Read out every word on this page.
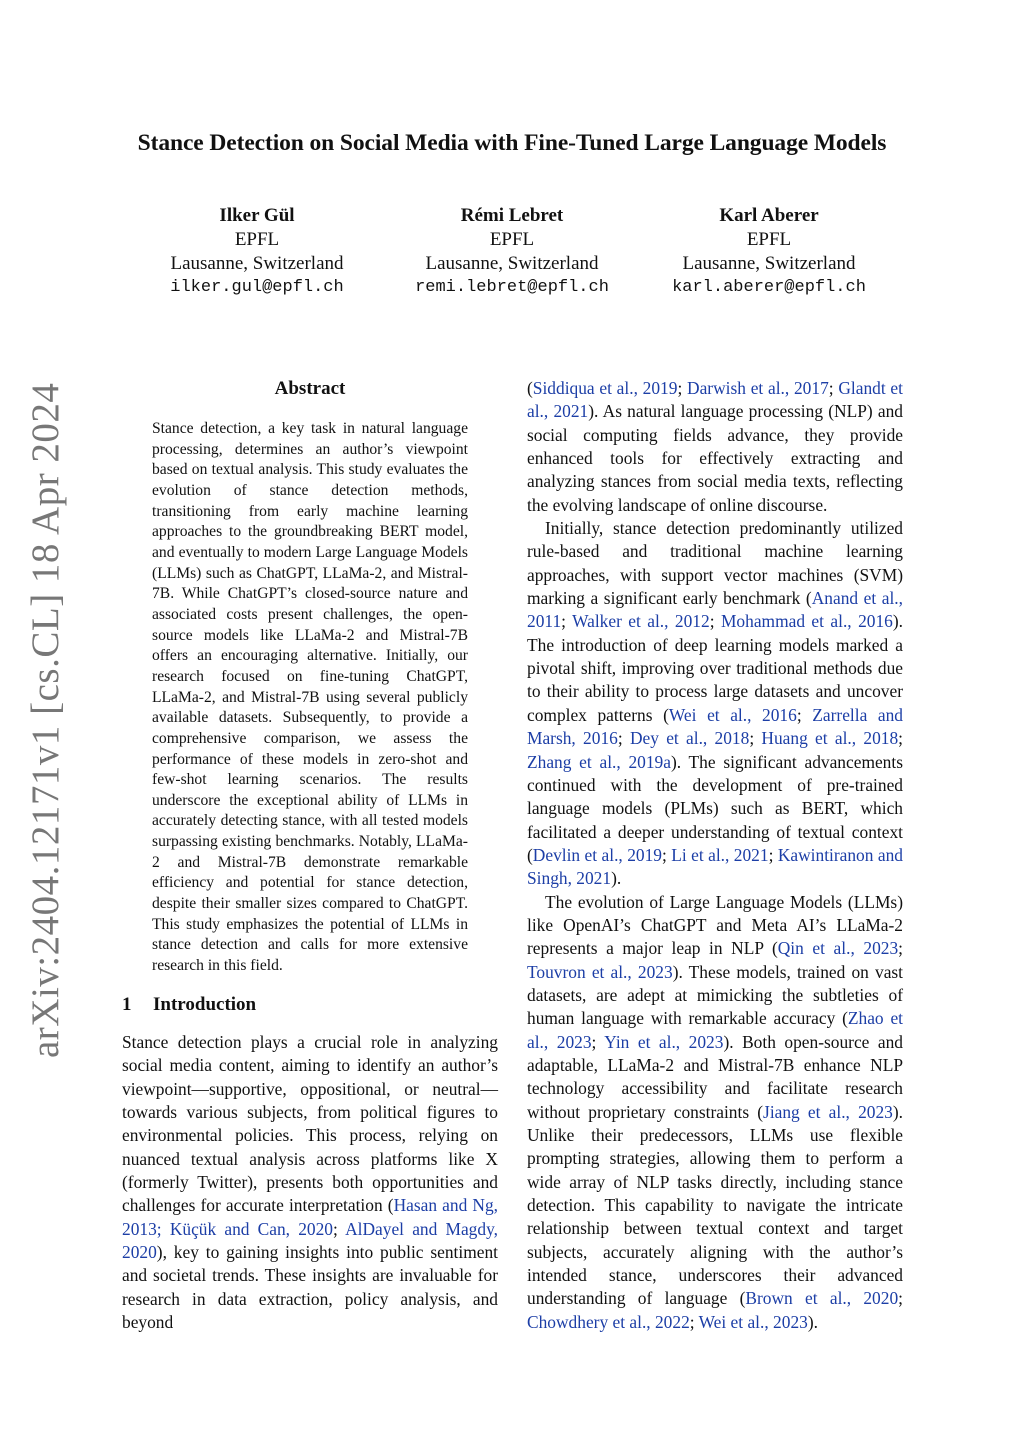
Stance Detection on Social Media with Fine-Tuned Large Language Models
Ilker Gül
EPFL
Lausanne, Switzerland
ilker.gul@epfl.ch
Rémi Lebret
EPFL
Lausanne, Switzerland
remi.lebret@epfl.ch
Karl Aberer
EPFL
Lausanne, Switzerland
karl.aberer@epfl.ch
arXiv:2404.12171v1 [cs.CL] 18 Apr 2024	Abstract

Stance detection, a key task in natural language processing, determines an author’s viewpoint based on textual analysis. This study evaluates the evolution of stance detection methods, transitioning from early machine learning approaches to the groundbreaking BERT model, and eventually to modern Large Language Models (LLMs) such as ChatGPT, LLaMa-2, and Mistral-7B. While ChatGPT’s closed-source nature and associated costs present challenges, the open-source models like LLaMa-2 and Mistral-7B offers an encouraging alternative. Initially, our research focused on fine-tuning ChatGPT, LLaMa-2, and Mistral-7B using several publicly available datasets. Subsequently, to provide a comprehensive comparison, we assess the performance of these models in zero-shot and few-shot learning scenarios. The results underscore the exceptional ability of LLMs in accurately detecting stance, with all tested models surpassing existing benchmarks. Notably, LLaMa-2 and Mistral-7B demonstrate remarkable efficiency and potential for stance detection, despite their smaller sizes compared to ChatGPT. This study emphasizes the potential of LLMs in stance detection and calls for more extensive research in this field.

1 Introduction

Stance detection plays a crucial role in analyzing social media content, aiming to identify an author’s viewpoint—supportive, oppositional, or neutral—towards various subjects, from political figures to environmental policies. This process, relying on nuanced textual analysis across platforms like X (formerly Twitter), presents both opportunities and challenges for accurate interpretation (Hasan and Ng, 2013; Küçük and Can, 2020; AlDayel and Magdy, 2020), key to gaining insights into public sentiment and societal trends. These insights are invaluable for research in data extraction, policy analysis, and beyond

(Siddiqua et al., 2019; Darwish et al., 2017; Glandt et al., 2021). As natural language processing (NLP) and social computing fields advance, they provide enhanced tools for effectively extracting and analyzing stances from social media texts, reflecting the evolving landscape of online discourse.

Initially, stance detection predominantly utilized rule-based and traditional machine learning approaches, with support vector machines (SVM) marking a significant early benchmark (Anand et al., 2011; Walker et al., 2012; Mohammad et al., 2016). The introduction of deep learning models marked a pivotal shift, improving over traditional methods due to their ability to process large datasets and uncover complex patterns (Wei et al., 2016; Zarrella and Marsh, 2016; Dey et al., 2018; Huang et al., 2018; Zhang et al., 2019a). The significant advancements continued with the development of pre-trained language models (PLMs) such as BERT, which facilitated a deeper understanding of textual context (Devlin et al., 2019; Li et al., 2021; Kawintiranon and Singh, 2021).

The evolution of Large Language Models (LLMs) like OpenAI’s ChatGPT and Meta AI’s LLaMa-2 represents a major leap in NLP (Qin et al., 2023; Touvron et al., 2023). These models, trained on vast datasets, are adept at mimicking the subtleties of human language with remarkable accuracy (Zhao et al., 2023; Yin et al., 2023). Both open-source and adaptable, LLaMa-2 and Mistral-7B enhance NLP technology accessibility and facilitate research without proprietary constraints (Jiang et al., 2023). Unlike their predecessors, LLMs use flexible prompting strategies, allowing them to perform a wide array of NLP tasks directly, including stance detection. This capability to navigate the intricate relationship between textual context and target subjects, accurately aligning with the author’s intended stance, underscores their advanced understanding of language (Brown et al., 2020; Chowdhery et al., 2022; Wei et al., 2023).
